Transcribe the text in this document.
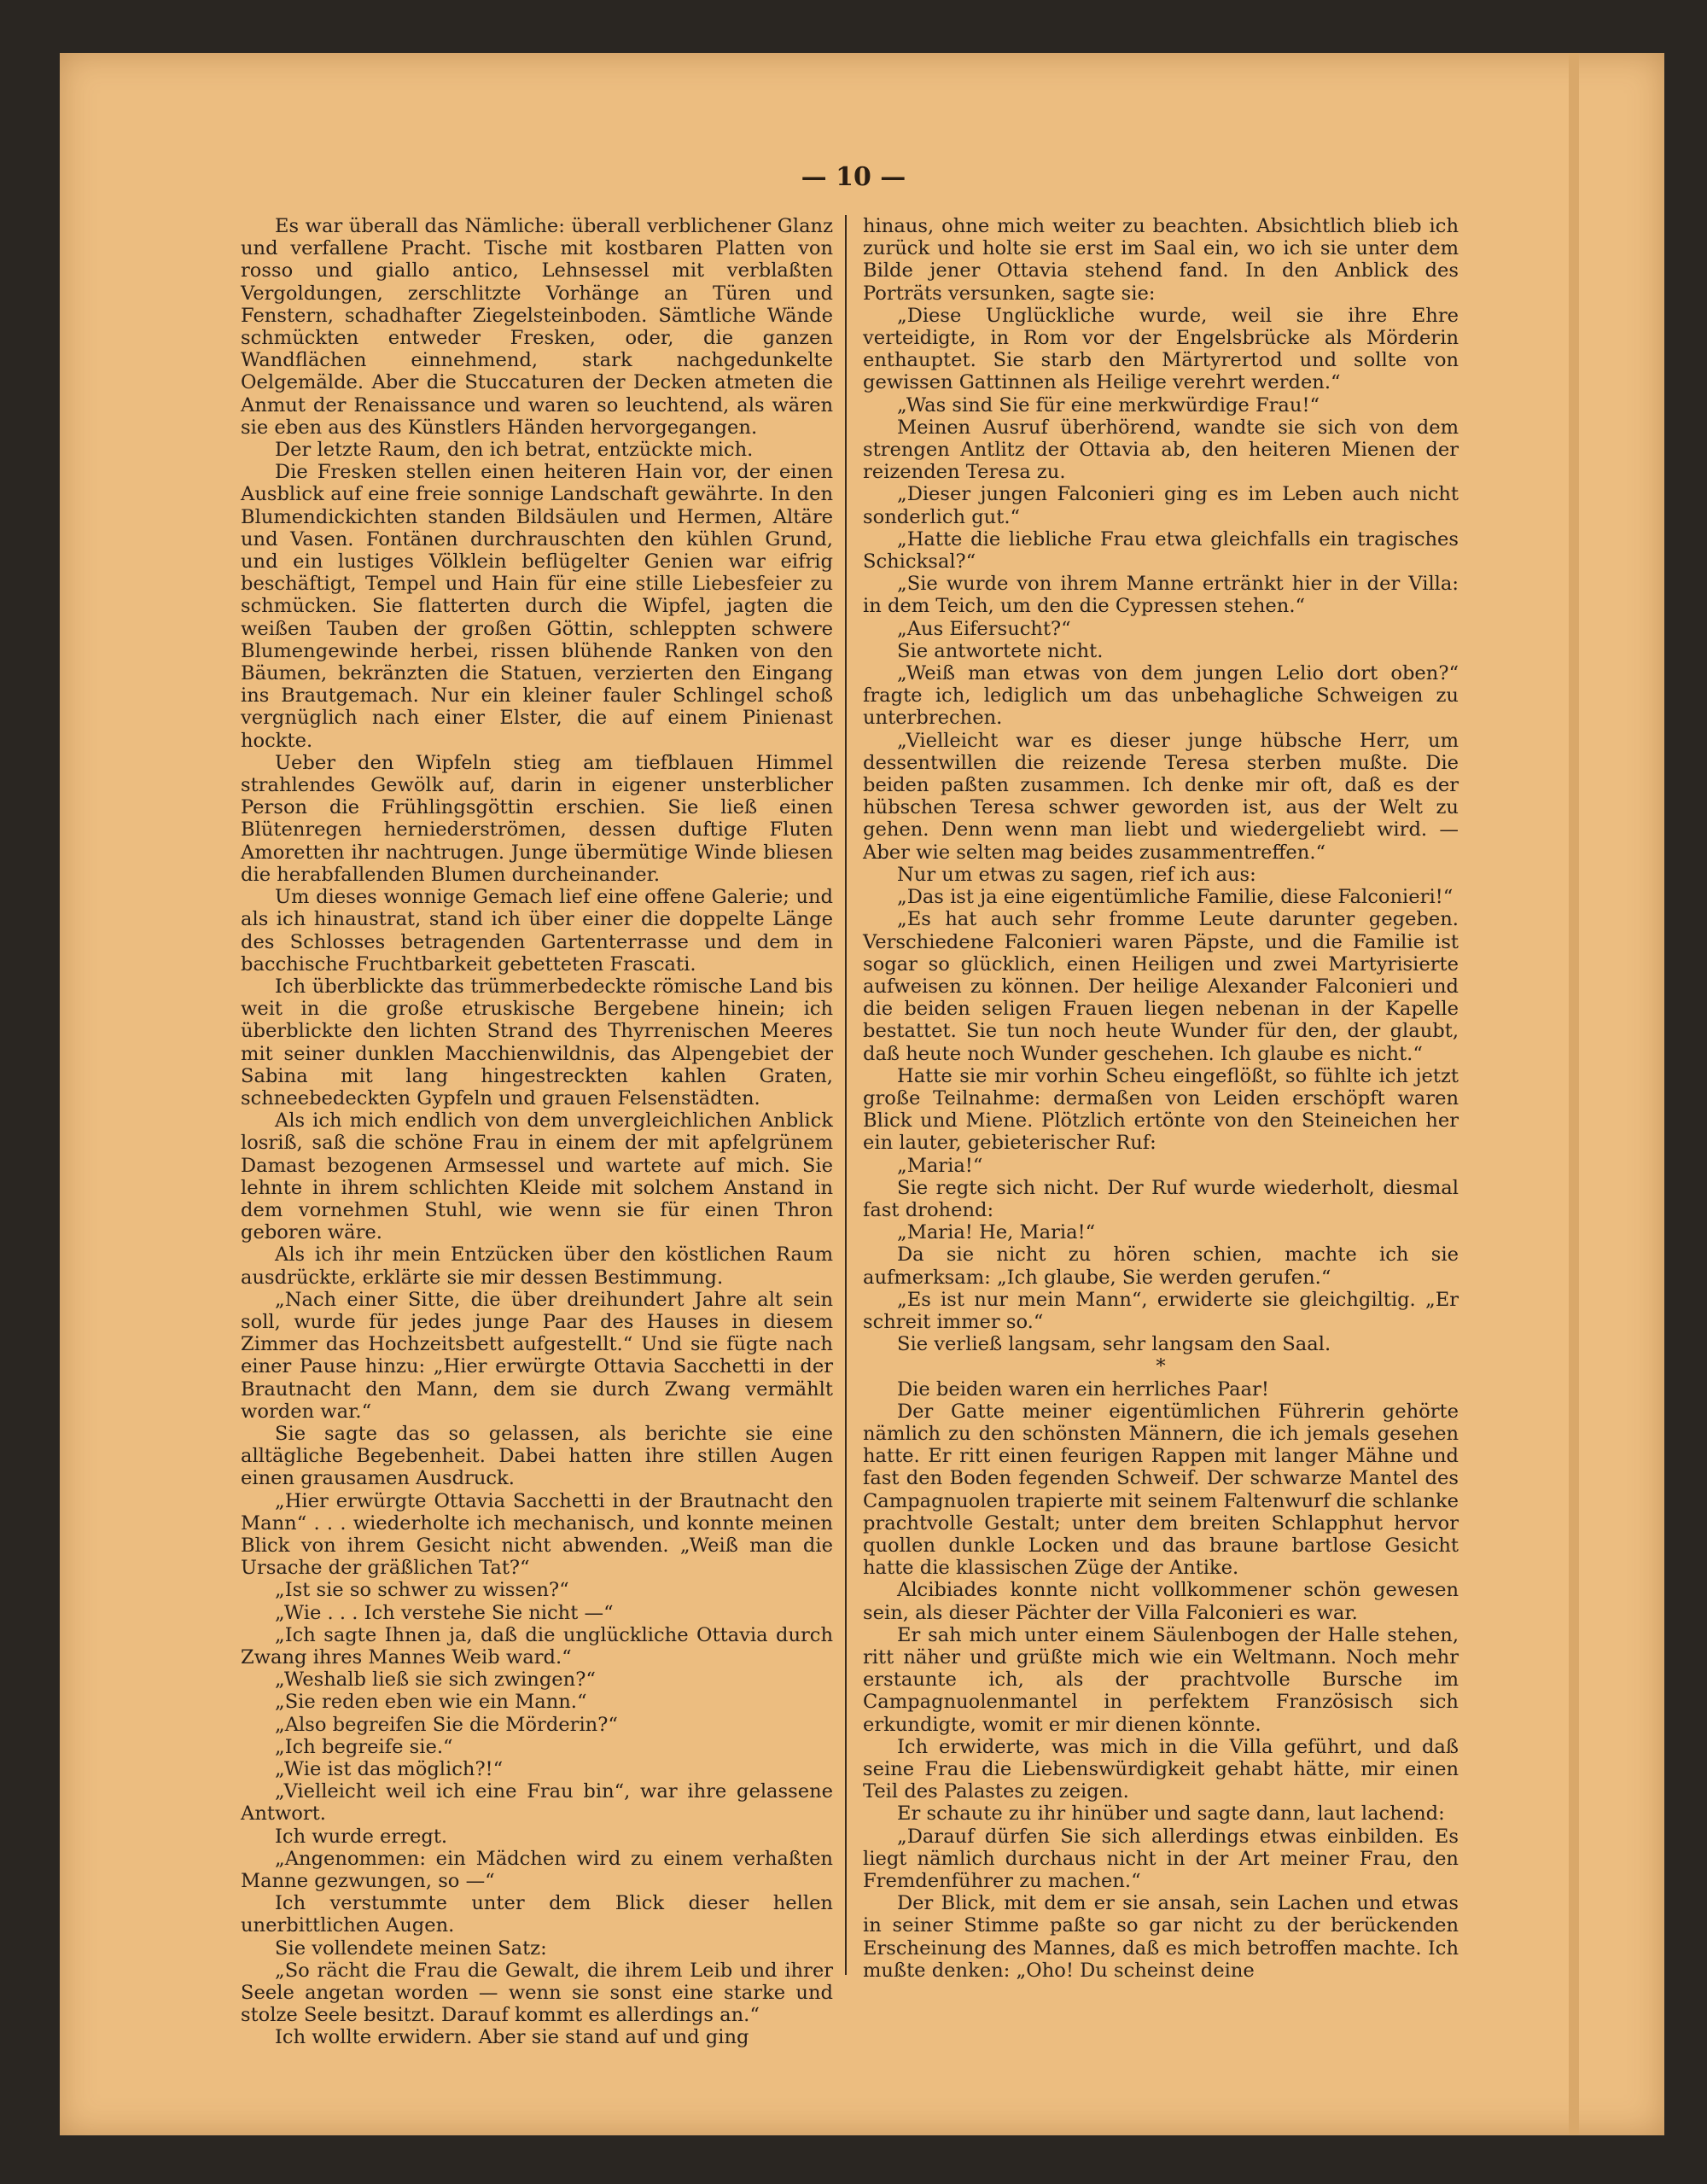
— 10 —

Es war überall das Nämliche: überall verblichener Glanz und verfallene Pracht. Tische mit kostbaren Platten von rosso und giallo antico, Lehnsessel mit verblaßten Vergoldungen, zerschlitzte Vorhänge an Türen und Fenstern, schadhafter Ziegelsteinboden. Sämtliche Wände schmückten entweder Fresken, oder, die ganzen Wandflächen einnehmend, stark nachgedunkelte Oelgemälde. Aber die Stuccaturen der Decken atmeten die Anmut der Renaissance und waren so leuchtend, als wären sie eben aus des Künstlers Händen hervorgegangen.

Der letzte Raum, den ich betrat, entzückte mich.

Die Fresken stellen einen heiteren Hain vor, der einen Ausblick auf eine freie sonnige Landschaft gewährte. In den Blumendickichten standen Bildsäulen und Hermen, Altäre und Vasen. Fontänen durchrauschten den kühlen Grund, und ein lustiges Völklein beflügelter Genien war eifrig beschäftigt, Tempel und Hain für eine stille Liebesfeier zu schmücken. Sie flatterten durch die Wipfel, jagten die weißen Tauben der großen Göttin, schleppten schwere Blumengewinde herbei, rissen blühende Ranken von den Bäumen, bekränzten die Statuen, verzierten den Eingang ins Brautgemach. Nur ein kleiner fauler Schlingel schoß vergnüglich nach einer Elster, die auf einem Pinienast hockte.

Ueber den Wipfeln stieg am tiefblauen Himmel strahlendes Gewölk auf, darin in eigener unsterblicher Person die Frühlingsgöttin erschien. Sie ließ einen Blütenregen herniederströmen, dessen duftige Fluten Amoretten ihr nachtrugen. Junge übermütige Winde bliesen die herabfallenden Blumen durcheinander.

Um dieses wonnige Gemach lief eine offene Galerie; und als ich hinaustrat, stand ich über einer die doppelte Länge des Schlosses betragenden Gartenterrasse und dem in bacchische Fruchtbarkeit gebetteten Frascati.

Ich überblickte das trümmerbedeckte römische Land bis weit in die große etruskische Bergebene hinein; ich überblickte den lichten Strand des Thyrrenischen Meeres mit seiner dunklen Macchienwildnis, das Alpengebiet der Sabina mit lang hingestreckten kahlen Graten, schneebedeckten Gypfeln und grauen Felsenstädten.

Als ich mich endlich von dem unvergleichlichen Anblick losriß, saß die schöne Frau in einem der mit apfelgrünem Damast bezogenen Armsessel und wartete auf mich. Sie lehnte in ihrem schlichten Kleide mit solchem Anstand in dem vornehmen Stuhl, wie wenn sie für einen Thron geboren wäre.

Als ich ihr mein Entzücken über den köstlichen Raum ausdrückte, erklärte sie mir dessen Bestimmung.

„Nach einer Sitte, die über dreihundert Jahre alt sein soll, wurde für jedes junge Paar des Hauses in diesem Zimmer das Hochzeitsbett aufgestellt.“ Und sie fügte nach einer Pause hinzu: „Hier erwürgte Ottavia Sacchetti in der Brautnacht den Mann, dem sie durch Zwang vermählt worden war.“

Sie sagte das so gelassen, als berichte sie eine alltägliche Begebenheit. Dabei hatten ihre stillen Augen einen grausamen Ausdruck.

„Hier erwürgte Ottavia Sacchetti in der Brautnacht den Mann“ . . . wiederholte ich mechanisch, und konnte meinen Blick von ihrem Gesicht nicht abwenden. „Weiß man die Ursache der gräßlichen Tat?“

„Ist sie so schwer zu wissen?“

„Wie . . . Ich verstehe Sie nicht —“

„Ich sagte Ihnen ja, daß die unglückliche Ottavia durch Zwang ihres Mannes Weib ward.“

„Weshalb ließ sie sich zwingen?“

„Sie reden eben wie ein Mann.“

„Also begreifen Sie die Mörderin?“

„Ich begreife sie.“

„Wie ist das möglich?!“

„Vielleicht weil ich eine Frau bin“, war ihre gelassene Antwort.

Ich wurde erregt.

„Angenommen: ein Mädchen wird zu einem verhaßten Manne gezwungen, so —“

Ich verstummte unter dem Blick dieser hellen unerbittlichen Augen.

Sie vollendete meinen Satz:

„So rächt die Frau die Gewalt, die ihrem Leib und ihrer Seele angetan worden — wenn sie sonst eine starke und stolze Seele besitzt. Darauf kommt es allerdings an.“

Ich wollte erwidern. Aber sie stand auf und ging

hinaus, ohne mich weiter zu beachten. Absichtlich blieb ich zurück und holte sie erst im Saal ein, wo ich sie unter dem Bilde jener Ottavia stehend fand. In den Anblick des Porträts versunken, sagte sie:

„Diese Unglückliche wurde, weil sie ihre Ehre verteidigte, in Rom vor der Engelsbrücke als Mörderin enthauptet. Sie starb den Märtyrertod und sollte von gewissen Gattinnen als Heilige verehrt werden.“

„Was sind Sie für eine merkwürdige Frau!“

Meinen Ausruf überhörend, wandte sie sich von dem strengen Antlitz der Ottavia ab, den heiteren Mienen der reizenden Teresa zu.

„Dieser jungen Falconieri ging es im Leben auch nicht sonderlich gut.“

„Hatte die liebliche Frau etwa gleichfalls ein tragisches Schicksal?“

„Sie wurde von ihrem Manne ertränkt hier in der Villa: in dem Teich, um den die Cypressen stehen.“

„Aus Eifersucht?“

Sie antwortete nicht.

„Weiß man etwas von dem jungen Lelio dort oben?“ fragte ich, lediglich um das unbehagliche Schweigen zu unterbrechen.

„Vielleicht war es dieser junge hübsche Herr, um dessentwillen die reizende Teresa sterben mußte. Die beiden paßten zusammen. Ich denke mir oft, daß es der hübschen Teresa schwer geworden ist, aus der Welt zu gehen. Denn wenn man liebt und wiedergeliebt wird. — Aber wie selten mag beides zusammentreffen.“

Nur um etwas zu sagen, rief ich aus:

„Das ist ja eine eigentümliche Familie, diese Falconieri!“

„Es hat auch sehr fromme Leute darunter gegeben. Verschiedene Falconieri waren Päpste, und die Familie ist sogar so glücklich, einen Heiligen und zwei Martyrisierte aufweisen zu können. Der heilige Alexander Falconieri und die beiden seligen Frauen liegen nebenan in der Kapelle bestattet. Sie tun noch heute Wunder für den, der glaubt, daß heute noch Wunder geschehen. Ich glaube es nicht.“

Hatte sie mir vorhin Scheu eingeflößt, so fühlte ich jetzt große Teilnahme: dermaßen von Leiden erschöpft waren Blick und Miene. Plötzlich ertönte von den Steineichen her ein lauter, gebieterischer Ruf:

„Maria!“

Sie regte sich nicht. Der Ruf wurde wiederholt, diesmal fast drohend:

„Maria! He, Maria!“

Da sie nicht zu hören schien, machte ich sie aufmerksam: „Ich glaube, Sie werden gerufen.“

„Es ist nur mein Mann“, erwiderte sie gleichgiltig. „Er schreit immer so.“

Sie verließ langsam, sehr langsam den Saal.

*

Die beiden waren ein herrliches Paar!

Der Gatte meiner eigentümlichen Führerin gehörte nämlich zu den schönsten Männern, die ich jemals gesehen hatte. Er ritt einen feurigen Rappen mit langer Mähne und fast den Boden fegenden Schweif. Der schwarze Mantel des Campagnuolen trapierte mit seinem Faltenwurf die schlanke prachtvolle Gestalt; unter dem breiten Schlapphut hervor quollen dunkle Locken und das braune bartlose Gesicht hatte die klassischen Züge der Antike.

Alcibiades konnte nicht vollkommener schön gewesen sein, als dieser Pächter der Villa Falconieri es war.

Er sah mich unter einem Säulenbogen der Halle stehen, ritt näher und grüßte mich wie ein Weltmann. Noch mehr erstaunte ich, als der prachtvolle Bursche im Campagnuolenmantel in perfektem Französisch sich erkundigte, womit er mir dienen könnte.

Ich erwiderte, was mich in die Villa geführt, und daß seine Frau die Liebenswürdigkeit gehabt hätte, mir einen Teil des Palastes zu zeigen.

Er schaute zu ihr hinüber und sagte dann, laut lachend:

„Darauf dürfen Sie sich allerdings etwas einbilden. Es liegt nämlich durchaus nicht in der Art meiner Frau, den Fremdenführer zu machen.“

Der Blick, mit dem er sie ansah, sein Lachen und etwas in seiner Stimme paßte so gar nicht zu der berückenden Erscheinung des Mannes, daß es mich betroffen machte. Ich mußte denken: „Oho! Du scheinst deine
